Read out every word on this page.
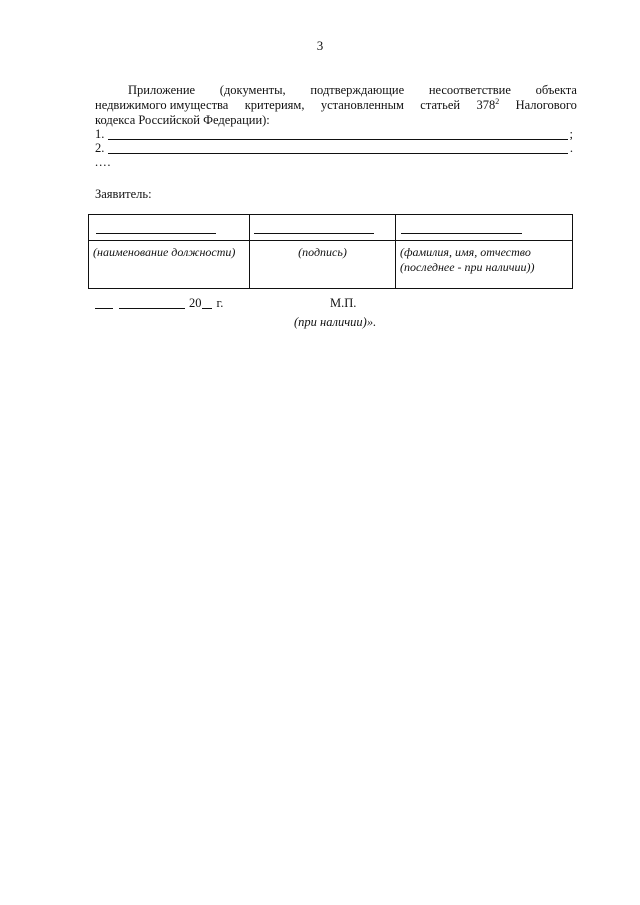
3
Приложение (документы, подтверждающие несоответствие объекта
недвижимого имущества критериям, установленным статьей $378^2$ Налогового
кодекса Российской Федерации):
1.	;
2.	.
....
Заявитель:

(наименование должности)	(подпись)	(фамилия, имя, отчество (последнее - при наличии))
20	г.	М.П.
(при наличии)».
